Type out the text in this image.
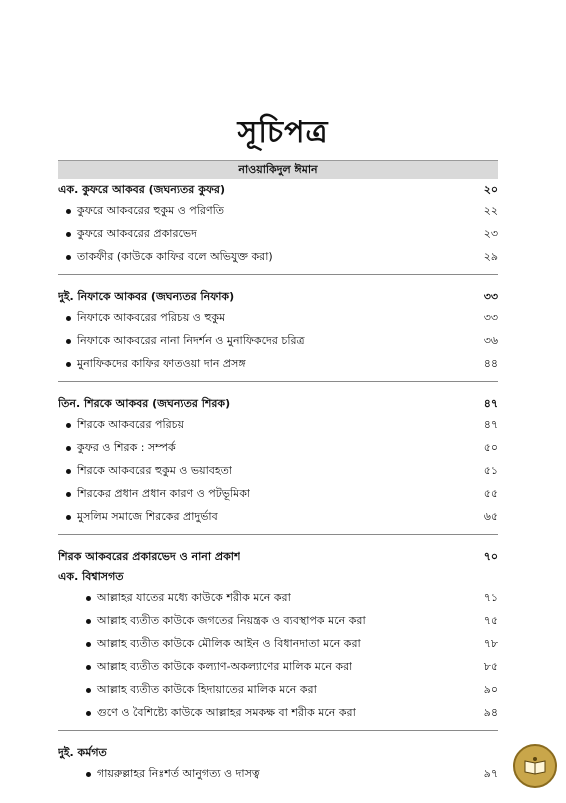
সূচিপত্র
নাওয়াকিদুল ঈমান
এক. কুফরে আকবর (জঘন্যতর কুফর)	২০
কুফরে আকবরের হুকুম ও পরিণতি	২২
কুফরে আকবরের প্রকারভেদ	২৩
তাকফীর (কাউকে কাফির বলে অভিযুক্ত করা)	২৯
দুই. নিফাকে আকবর (জঘন্যতর নিফাক)	৩৩
নিফাকে আকবরের পরিচয় ও হুকুম	৩৩
নিফাকে আকবরের নানা নিদর্শন ও মুনাফিকদের চরিত্র	৩৬
মুনাফিকদের কাফির ফাতওয়া দান প্রসঙ্গ	৪৪
তিন. শিরকে আকবর (জঘন্যতর শিরক)	৪৭
শিরকে আকবরের পরিচয়	৪৭
কুফর ও শিরক : সম্পর্ক	৫০
শিরকে আকবরের হুকুম ও ভয়াবহতা	৫১
শিরকের প্রধান প্রধান কারণ ও পটভূমিকা	৫৫
মুসলিম সমাজে শিরকের প্রাদুর্ভাব	৬৫
শিরক আকবরের প্রকারভেদ ও নানা প্রকাশ	৭০
এক. বিশ্বাসগত
আল্লাহর যাতের মধ্যে কাউকে শরীক মনে করা	৭১
আল্লাহ ব্যতীত কাউকে জগতের নিয়ন্ত্রক ও ব্যবস্থাপক মনে করা	৭৫
আল্লাহ ব্যতীত কাউকে মৌলিক আইন ও বিধানদাতা মনে করা	৭৮
আল্লাহ ব্যতীত কাউকে কল্যাণ-অকল্যাণের মালিক মনে করা	৮৫
আল্লাহ ব্যতীত কাউকে হিদায়াতের মালিক মনে করা	৯০
গুণে ও বৈশিষ্ট্যে কাউকে আল্লাহর সমকক্ষ বা শরীক মনে করা	৯৪
দুই. কর্মগত
গায়রুল্লাহর নিঃশর্ত আনুগত্য ও দাসত্ব	৯৭
